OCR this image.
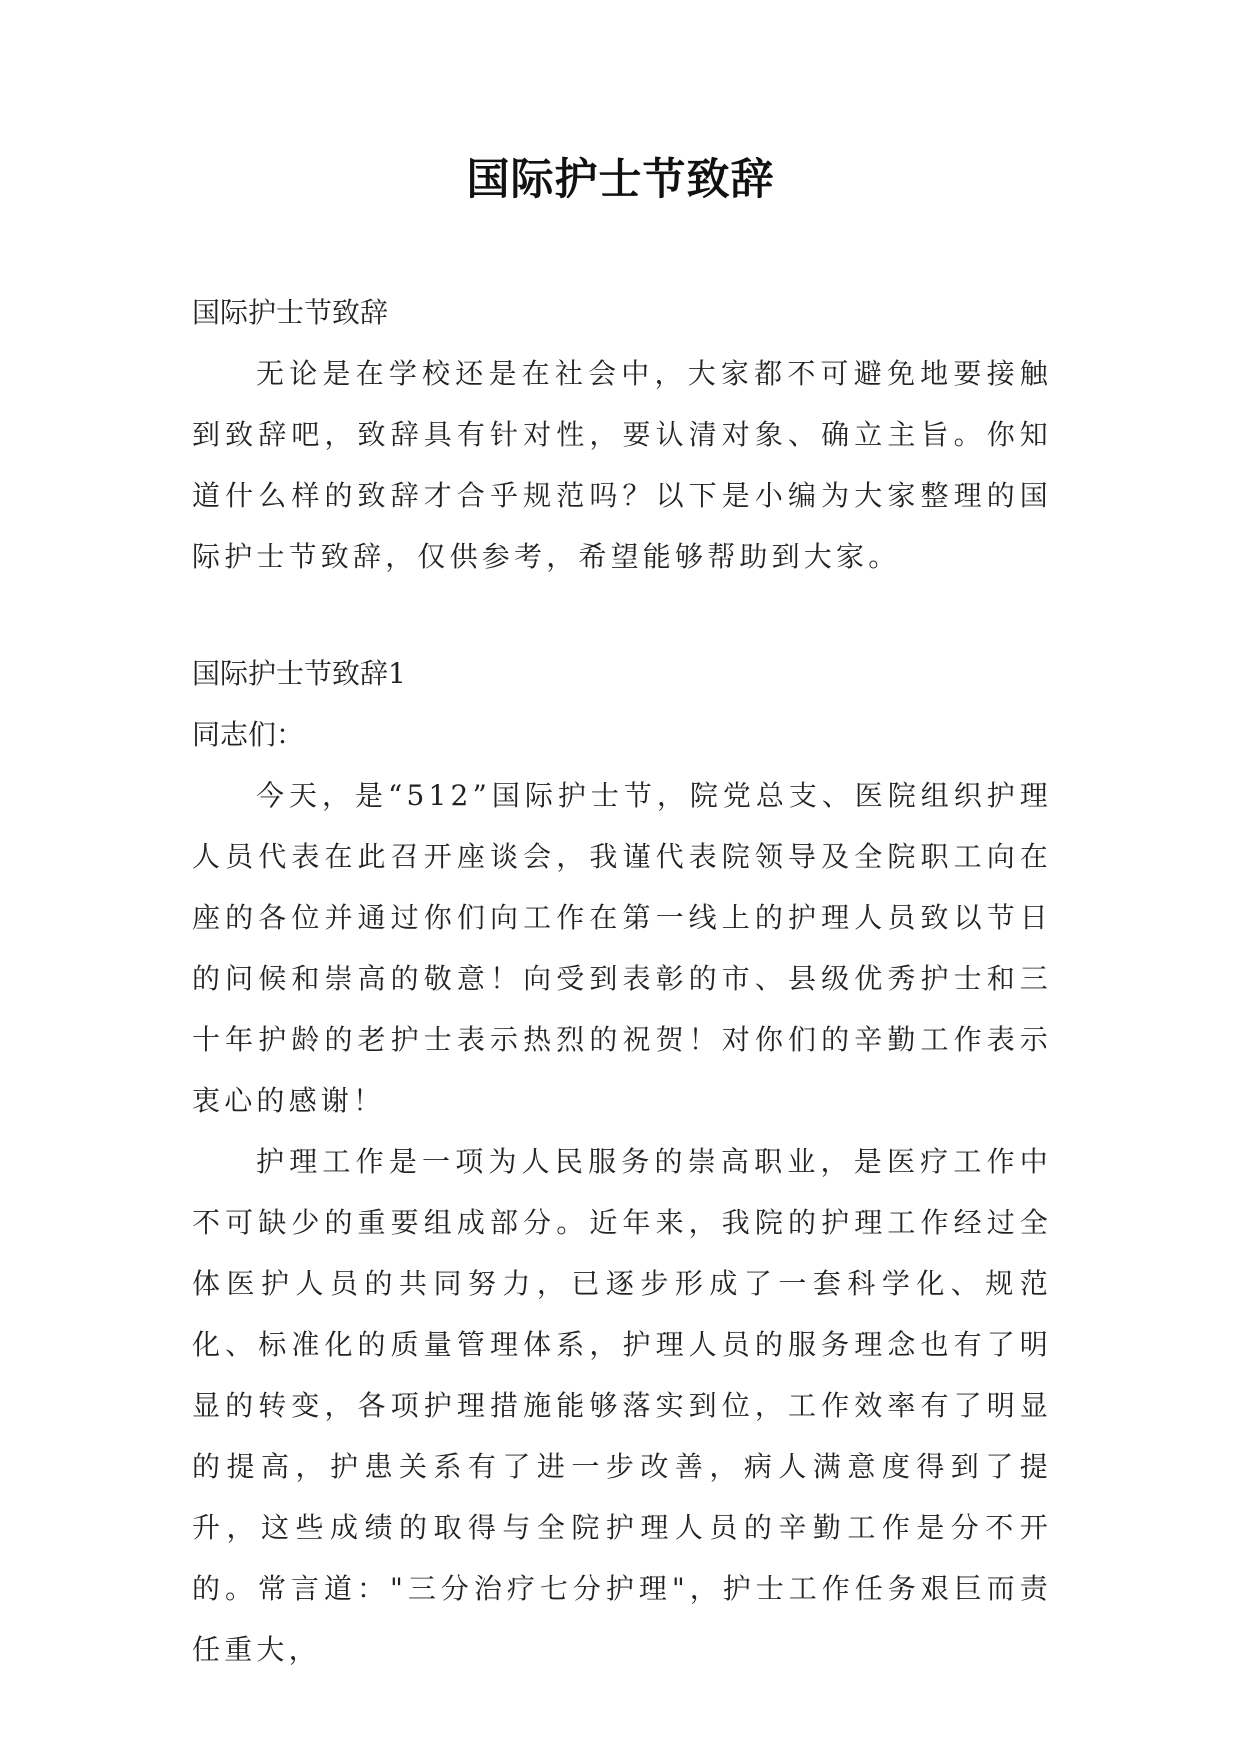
国际护士节致辞

国际护士节致辞

无论是在学校还是在社会中，大家都不可避免地要接触到致辞吧，致辞具有针对性，要认清对象、确立主旨。你知道什么样的致辞才合乎规范吗？以下是小编为大家整理的国际护士节致辞，仅供参考，希望能够帮助到大家。

国际护士节致辞1

同志们：

今天，是“512”国际护士节，院党总支、医院组织护理人员代表在此召开座谈会，我谨代表院领导及全院职工向在座的各位并通过你们向工作在第一线上的护理人员致以节日的问候和崇高的敬意！向受到表彰的市、县级优秀护士和三十年护龄的老护士表示热烈的祝贺！对你们的辛勤工作表示衷心的感谢！

护理工作是一项为人民服务的崇高职业，是医疗工作中不可缺少的重要组成部分。近年来，我院的护理工作经过全体医护人员的共同努力，已逐步形成了一套科学化、规范化、标准化的质量管理体系，护理人员的服务理念也有了明显的转变，各项护理措施能够落实到位，工作效率有了明显的提高，护患关系有了进一步改善，病人满意度得到了提升，这些成绩的取得与全院护理人员的辛勤工作是分不开的。常言道："三分治疗七分护理"，护士工作任务艰巨而责任重大，
